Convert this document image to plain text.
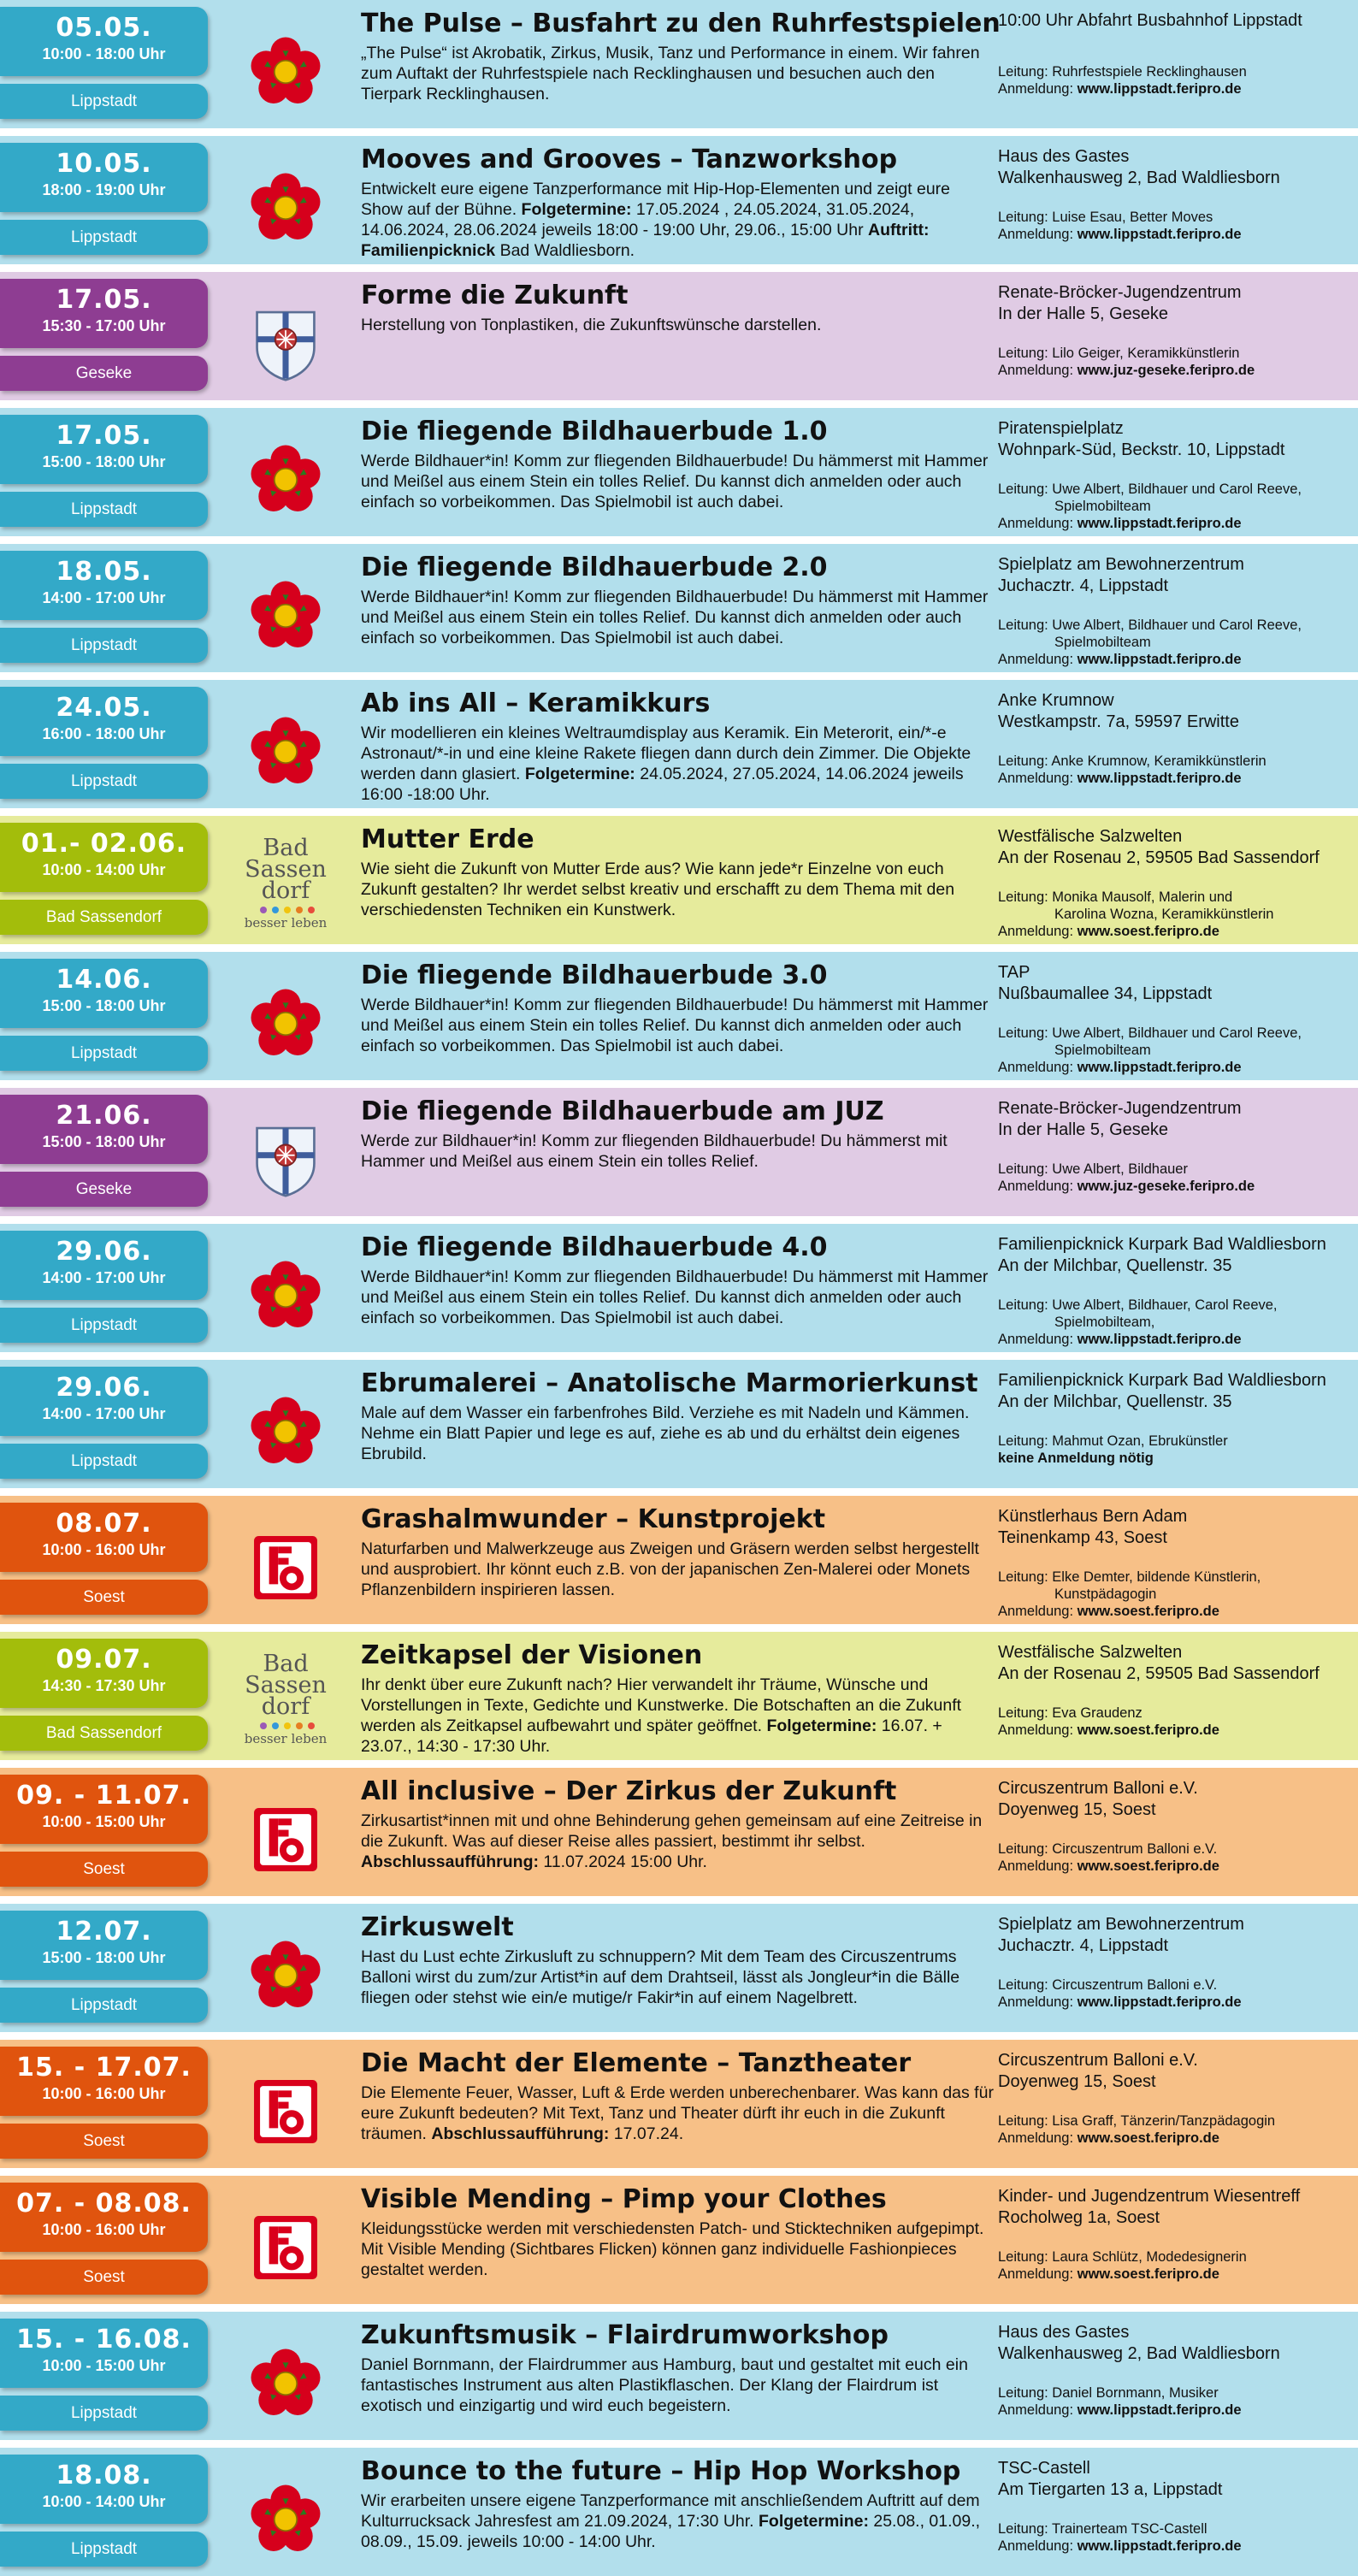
05.05.
10:00 - 18:00 Uhr
Lippstadt
The Pulse – Busfahrt zu den Ruhrfestspielen
„The Pulse“ ist Akrobatik, Zirkus, Musik, Tanz und Performance in einem. Wir fahren zum Auftakt der Ruhrfestspiele nach Recklinghausen und besuchen auch den Tierpark Recklinghausen.
10:00 Uhr Abfahrt Busbahnhof Lippstadt
Leitung: Ruhrfestspiele Recklinghausen
Anmeldung: www.lippstadt.feripro.de
10.05.
18:00 - 19:00 Uhr
Lippstadt
Mooves and Grooves – Tanzworkshop
Entwickelt eure eigene Tanzperformance mit Hip-Hop-Elementen und zeigt eure Show auf der Bühne. Folgetermine: 17.05.2024 , 24.05.2024, 31.05.2024, 14.06.2024, 28.06.2024 jeweils 18:00 - 19:00 Uhr, 29.06., 15:00 Uhr Auftritt: Familienpicknick Bad Waldliesborn.
Haus des Gastes
Walkenhausweg 2, Bad Waldliesborn
Leitung: Luise Esau, Better Moves
Anmeldung: www.lippstadt.feripro.de
17.05.
15:30 - 17:00 Uhr
Geseke
Forme die Zukunft
Herstellung von Tonplastiken, die Zukunftswünsche darstellen.
Renate-Bröcker-Jugendzentrum
In der Halle 5, Geseke
Leitung: Lilo Geiger, Keramikkünstlerin
Anmeldung: www.juz-geseke.feripro.de
17.05.
15:00 - 18:00 Uhr
Lippstadt
Die fliegende Bildhauerbude 1.0
Werde Bildhauer*in! Komm zur fliegenden Bildhauerbude! Du hämmerst mit Hammer und Meißel aus einem Stein ein tolles Relief. Du kannst dich anmelden oder auch einfach so vorbeikommen. Das Spielmobil ist auch dabei.
Piratenspielplatz
Wohnpark-Süd, Beckstr. 10, Lippstadt
Leitung: Uwe Albert, Bildhauer und Carol Reeve,
Spielmobilteam
Anmeldung: www.lippstadt.feripro.de
18.05.
14:00 - 17:00 Uhr
Lippstadt
Die fliegende Bildhauerbude 2.0
Werde Bildhauer*in! Komm zur fliegenden Bildhauerbude! Du hämmerst mit Hammer und Meißel aus einem Stein ein tolles Relief. Du kannst dich anmelden oder auch einfach so vorbeikommen. Das Spielmobil ist auch dabei.
Spielplatz am Bewohnerzentrum
Juchacztr. 4, Lippstadt
Leitung: Uwe Albert, Bildhauer und Carol Reeve,
Spielmobilteam
Anmeldung: www.lippstadt.feripro.de
24.05.
16:00 - 18:00 Uhr
Lippstadt
Ab ins All – Keramikkurs
Wir modellieren ein kleines Weltraumdisplay aus Keramik. Ein Meterorit, ein/*-e Astronaut/*-in und eine kleine Rakete fliegen dann durch dein Zimmer. Die Objekte werden dann glasiert. Folgetermine: 24.05.2024, 27.05.2024, 14.06.2024 jeweils 16:00 -18:00 Uhr.
Anke Krumnow
Westkampstr. 7a, 59597 Erwitte
Leitung: Anke Krumnow, Keramikkünstlerin
Anmeldung: www.lippstadt.feripro.de
01.- 02.06.
10:00 - 14:00 Uhr
Bad Sassendorf
Bad
Sassen
dorf
besser leben
Mutter Erde
Wie sieht die Zukunft von Mutter Erde aus? Wie kann jede*r Einzelne von euch Zukunft gestalten? Ihr werdet selbst kreativ und erschafft zu dem Thema mit den verschiedensten Techniken ein Kunstwerk.
Westfälische Salzwelten
An der Rosenau 2, 59505 Bad Sassendorf
Leitung: Monika Mausolf, Malerin und
Karolina Wozna, Keramikkünstlerin
Anmeldung: www.soest.feripro.de
14.06.
15:00 - 18:00 Uhr
Lippstadt
Die fliegende Bildhauerbude 3.0
Werde Bildhauer*in! Komm zur fliegenden Bildhauerbude! Du hämmerst mit Hammer und Meißel aus einem Stein ein tolles Relief. Du kannst dich anmelden oder auch einfach so vorbeikommen. Das Spielmobil ist auch dabei.
TAP
Nußbaumallee 34, Lippstadt
Leitung: Uwe Albert, Bildhauer und Carol Reeve,
Spielmobilteam
Anmeldung: www.lippstadt.feripro.de
21.06.
15:00 - 18:00 Uhr
Geseke
Die fliegende Bildhauerbude am JUZ
Werde zur Bildhauer*in! Komm zur fliegenden Bildhauerbude! Du hämmerst mit Hammer und Meißel aus einem Stein ein tolles Relief.
Renate-Bröcker-Jugendzentrum
In der Halle 5, Geseke
Leitung: Uwe Albert, Bildhauer
Anmeldung: www.juz-geseke.feripro.de
29.06.
14:00 - 17:00 Uhr
Lippstadt
Die fliegende Bildhauerbude 4.0
Werde Bildhauer*in! Komm zur fliegenden Bildhauerbude! Du hämmerst mit Hammer und Meißel aus einem Stein ein tolles Relief. Du kannst dich anmelden oder auch einfach so vorbeikommen. Das Spielmobil ist auch dabei.
Familienpicknick Kurpark Bad Waldliesborn
An der Milchbar, Quellenstr. 35
Leitung: Uwe Albert, Bildhauer, Carol Reeve,
Spielmobilteam,
Anmeldung: www.lippstadt.feripro.de
29.06.
14:00 - 17:00 Uhr
Lippstadt
Ebrumalerei – Anatolische Marmorierkunst
Male auf dem Wasser ein farbenfrohes Bild. Verziehe es mit Nadeln und Kämmen. Nehme ein Blatt Papier und lege es auf, ziehe es ab und du erhältst dein eigenes Ebrubild.
Familienpicknick Kurpark Bad Waldliesborn
An der Milchbar, Quellenstr. 35
Leitung: Mahmut Ozan, Ebrukünstler
keine Anmeldung nötig
08.07.
10:00 - 16:00 Uhr
Soest
Grashalmwunder – Kunstprojekt
Naturfarben und Malwerkzeuge aus Zweigen und Gräsern werden selbst hergestellt und ausprobiert. Ihr könnt euch z.B. von der japanischen Zen-Malerei oder Monets Pflanzenbildern inspirieren lassen.
Künstlerhaus Bern Adam
Teinenkamp 43, Soest
Leitung: Elke Demter, bildende Künstlerin,
Kunstpädagogin
Anmeldung: www.soest.feripro.de
09.07.
14:30 - 17:30 Uhr
Bad Sassendorf
Bad
Sassen
dorf
besser leben
Zeitkapsel der Visionen
Ihr denkt über eure Zukunft nach? Hier verwandelt ihr Träume, Wünsche und Vorstellungen in Texte, Gedichte und Kunstwerke. Die Botschaften an die Zukunft werden als Zeitkapsel aufbewahrt und später geöffnet. Folgetermine: 16.07. + 23.07., 14:30 - 17:30 Uhr.
Westfälische Salzwelten
An der Rosenau 2, 59505 Bad Sassendorf
Leitung: Eva Graudenz
Anmeldung: www.soest.feripro.de
09. - 11.07.
10:00 - 15:00 Uhr
Soest
All inclusive – Der Zirkus der Zukunft
Zirkusartist*innen mit und ohne Behinderung gehen gemeinsam auf eine Zeitreise in die Zukunft. Was auf dieser Reise alles passiert, bestimmt ihr selbst. Abschlussaufführung: 11.07.2024 15:00 Uhr.
Circuszentrum Balloni e.V.
Doyenweg 15, Soest
Leitung: Circuszentrum Balloni e.V.
Anmeldung: www.soest.feripro.de
12.07.
15:00 - 18:00 Uhr
Lippstadt
Zirkuswelt
Hast du Lust echte Zirkusluft zu schnuppern? Mit dem Team des Circuszentrums Balloni wirst du zum/zur Artist*in auf dem Drahtseil, lässt als Jongleur*in die Bälle fliegen oder stehst wie ein/e mutige/r Fakir*in auf einem Nagelbrett.
Spielplatz am Bewohnerzentrum
Juchacztr. 4, Lippstadt
Leitung: Circuszentrum Balloni e.V.
Anmeldung: www.lippstadt.feripro.de
15. - 17.07.
10:00 - 16:00 Uhr
Soest
Die Macht der Elemente – Tanztheater
Die Elemente Feuer, Wasser, Luft & Erde werden unberechenbarer. Was kann das für eure Zukunft bedeuten? Mit Text, Tanz und Theater dürft ihr euch in die Zukunft träumen. Abschlussaufführung: 17.07.24.
Circuszentrum Balloni e.V.
Doyenweg 15, Soest
Leitung: Lisa Graff, Tänzerin/Tanzpädagogin
Anmeldung: www.soest.feripro.de
07. - 08.08.
10:00 - 16:00 Uhr
Soest
Visible Mending – Pimp your Clothes
Kleidungsstücke werden mit verschiedensten Patch- und Sticktechniken aufgepimpt. Mit Visible Mending (Sichtbares Flicken) können ganz individuelle Fashionpieces gestaltet werden.
Kinder- und Jugendzentrum Wiesentreff
Rocholweg 1a, Soest
Leitung: Laura Schlütz, Modedesignerin
Anmeldung: www.soest.feripro.de
15. - 16.08.
10:00 - 15:00 Uhr
Lippstadt
Zukunftsmusik – Flairdrumworkshop
Daniel Bornmann, der Flairdrummer aus Hamburg, baut und gestaltet mit euch ein fantastisches Instrument aus alten Plastikflaschen. Der Klang der Flairdrum ist exotisch und einzigartig und wird euch begeistern.
Haus des Gastes
Walkenhausweg 2, Bad Waldliesborn
Leitung: Daniel Bornmann, Musiker
Anmeldung: www.lippstadt.feripro.de
18.08.
10:00 - 14:00 Uhr
Lippstadt
Bounce to the future – Hip Hop Workshop
Wir erarbeiten unsere eigene Tanzperformance mit anschließendem Auftritt auf dem Kulturrucksack Jahresfest am 21.09.2024, 17:30 Uhr. Folgetermine: 25.08., 01.09., 08.09., 15.09. jeweils 10:00 - 14:00 Uhr.
TSC-Castell
Am Tiergarten 13 a, Lippstadt
Leitung: Trainerteam TSC-Castell
Anmeldung: www.lippstadt.feripro.de
